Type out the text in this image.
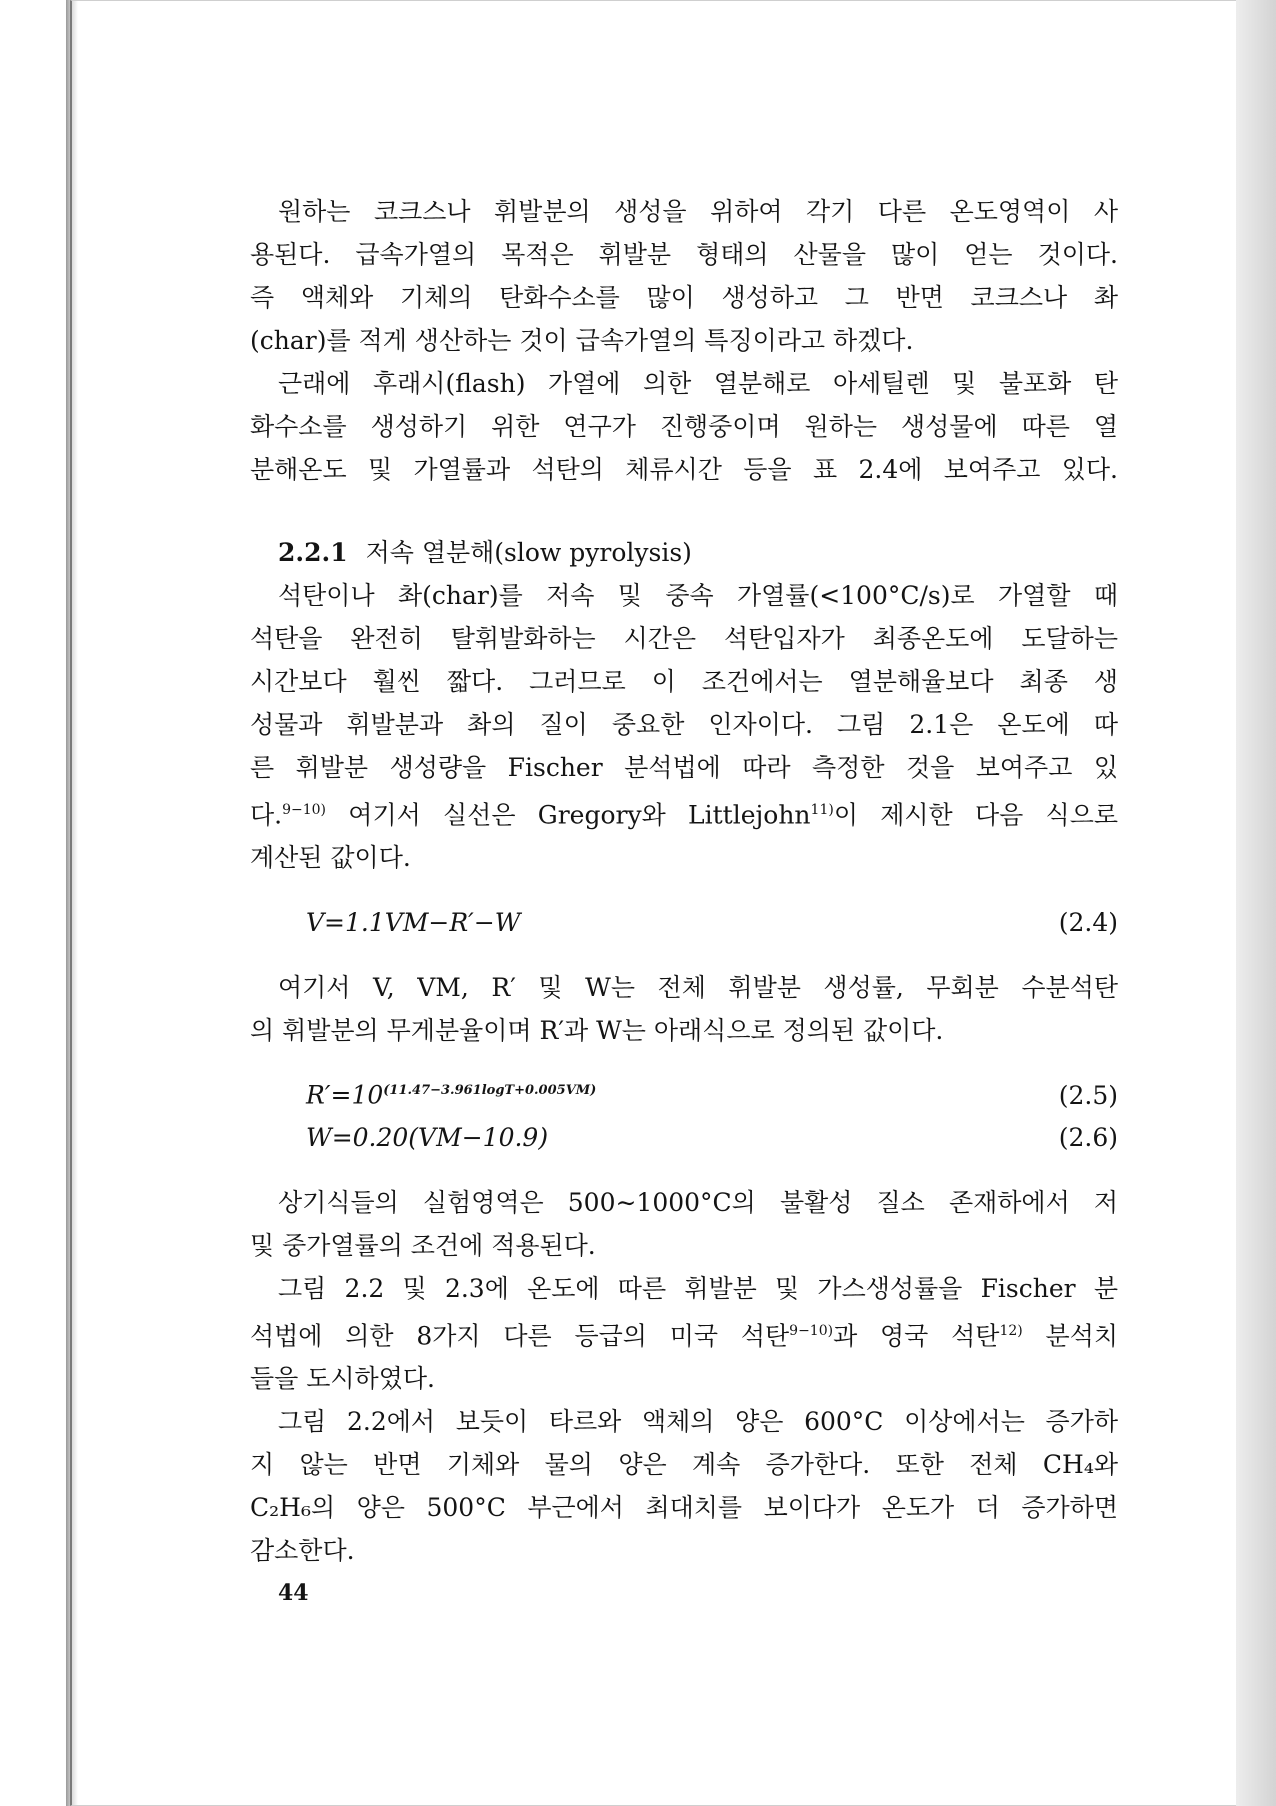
원하는 코크스나 휘발분의 생성을 위하여 각기 다른 온도영역이 사

용된다. 급속가열의 목적은 휘발분 형태의 산물을 많이 얻는 것이다.

즉 액체와 기체의 탄화수소를 많이 생성하고 그 반면 코크스나 촤

(char)를 적게 생산하는 것이 급속가열의 특징이라고 하겠다.

근래에 후래시(flash) 가열에 의한 열분해로 아세틸렌 및 불포화 탄

화수소를 생성하기 위한 연구가 진행중이며 원하는 생성물에 따른 열

분해온도 및 가열률과 석탄의 체류시간 등을 표 2.4에 보여주고 있다.

2.2.1 저속 열분해(slow pyrolysis)

석탄이나 촤(char)를 저속 및 중속 가열률(<100°C/s)로 가열할 때

석탄을 완전히 탈휘발화하는 시간은 석탄입자가 최종온도에 도달하는

시간보다 훨씬 짧다. 그러므로 이 조건에서는 열분해율보다 최종 생

성물과 휘발분과 촤의 질이 중요한 인자이다. 그림 2.1은 온도에 따

른 휘발분 생성량을 Fischer 분석법에 따라 측정한 것을 보여주고 있

다.$^{9-10)}$ 여기서 실선은 Gregory와 Littlejohn$^{11)}$이 제시한 다음 식으로

계산된 값이다.

V=1.1VM−R′−W	(2.4)

여기서 V, VM, R′ 및 W는 전체 휘발분 생성률, 무회분 수분석탄

의 휘발분의 무게분율이며 R′과 W는 아래식으로 정의된 값이다.

$R'=10^{(11.47-3.961logT+0.005VM)}$	(2.5)
W=0.20(VM−10.9)	(2.6)

상기식들의 실험영역은 500∼1000°C의 불활성 질소 존재하에서 저

및 중가열률의 조건에 적용된다.

그림 2.2 및 2.3에 온도에 따른 휘발분 및 가스생성률을 Fischer 분

석법에 의한 8가지 다른 등급의 미국 석탄$^{9-10)}$과 영국 석탄$^{12)}$ 분석치

들을 도시하였다.

그림 2.2에서 보듯이 타르와 액체의 양은 600°C 이상에서는 증가하

지 않는 반면 기체와 물의 양은 계속 증가한다. 또한 전체 CH₄와

C₂H₆의 양은 500°C 부근에서 최대치를 보이다가 온도가 더 증가하면

감소한다.

44
